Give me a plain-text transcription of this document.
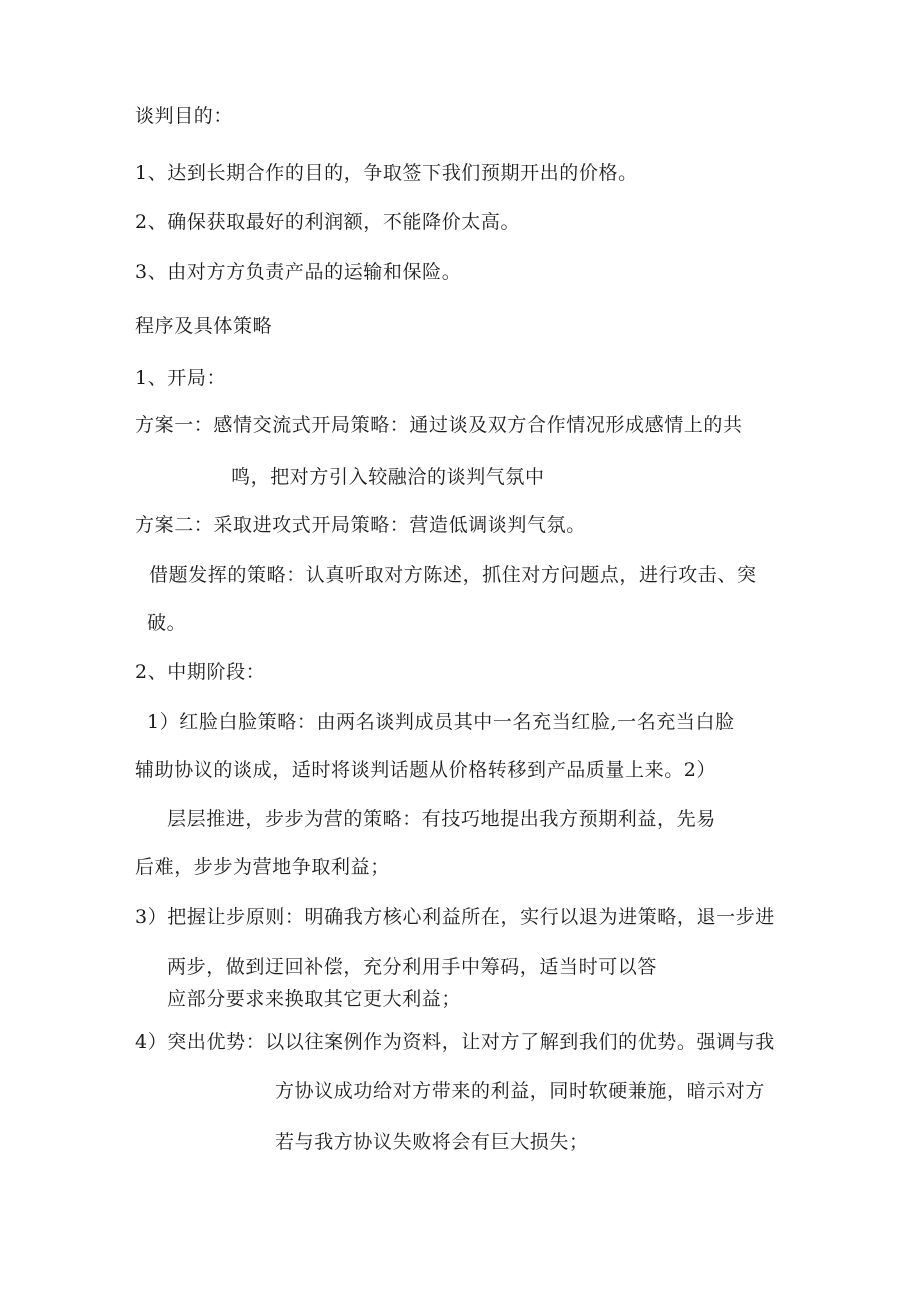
谈判目的：
1、达到长期合作的目的，争取签下我们预期开出的价格。
2、确保获取最好的利润额，不能降价太高。
3、由对方方负责产品的运输和保险。
程序及具体策略
1、开局：
方案一：感情交流式开局策略：通过谈及双方合作情况形成感情上的共
鸣，把对方引入较融洽的谈判气氛中
方案二：采取进攻式开局策略：营造低调谈判气氛。
借题发挥的策略：认真听取对方陈述，抓住对方问题点，进行攻击、突
破。
2、中期阶段：
1）红脸白脸策略：由两名谈判成员其中一名充当红脸,一名充当白脸
辅助协议的谈成，适时将谈判话题从价格转移到产品质量上来。2）
层层推进，步步为营的策略：有技巧地提出我方预期利益，先易
后难，步步为营地争取利益；
3）把握让步原则：明确我方核心利益所在，实行以退为进策略，退一步进
两步，做到迂回补偿，充分利用手中筹码，适当时可以答
应部分要求来换取其它更大利益；
4）突出优势：以以往案例作为资料，让对方了解到我们的优势。强调与我
方协议成功给对方带来的利益，同时软硬兼施，暗示对方
若与我方协议失败将会有巨大损失；
